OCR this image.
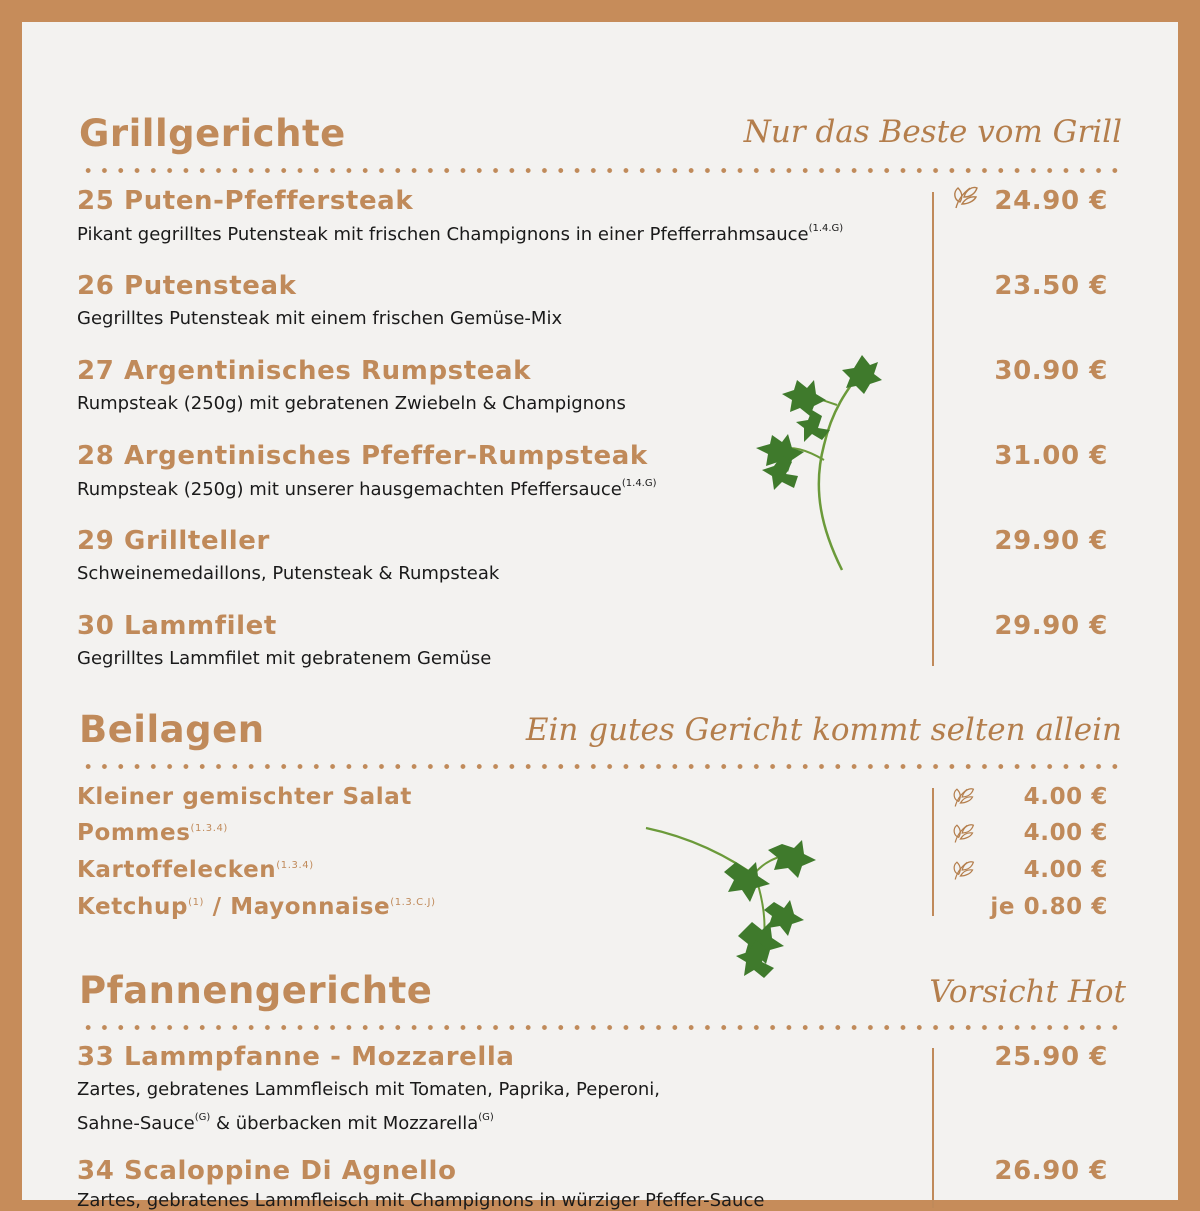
Grillgerichte	Nur das Beste vom Grill
25 Puten-Pfeffersteak
Pikant gegrilltes Putensteak mit frischen Champignons in einer Pfefferrahmsauce$^{(1.4.G)}$
24.90 €
26 Putensteak
Gegrilltes Putensteak mit einem frischen Gemüse-Mix
23.50 €
27 Argentinisches Rumpsteak
Rumpsteak (250g) mit gebratenen Zwiebeln & Champignons
30.90 €
28 Argentinisches Pfeffer-Rumpsteak
Rumpsteak (250g) mit unserer hausgemachten Pfeffersauce$^{(1.4.G)}$
31.00 €
29 Grillteller
Schweinemedaillons, Putensteak & Rumpsteak
29.90 €
30 Lammfilet
Gegrilltes Lammfilet mit gebratenem Gemüse
29.90 €
Beilagen	Ein gutes Gericht kommt selten allein
Kleiner gemischter Salat	4.00 €
Pommes$^{(1.3.4)}$	4.00 €
Kartoffelecken$^{(1.3.4)}$	4.00 €
Ketchup$^{(1)}$ / Mayonnaise$^{(1.3.C.J)}$	je 0.80 €
Pfannengerichte	Vorsicht Hot
33 Lammpfanne - Mozzarella
Zartes, gebratenes Lammfleisch mit Tomaten, Paprika, Peperoni,
Sahne-Sauce$^{(G)}$ & überbacken mit Mozzarella$^{(G)}$
25.90 €
34 Scaloppine Di Agnello
Zartes, gebratenes Lammfleisch mit Champignons in würziger Pfeffer-Sauce
26.90 €
